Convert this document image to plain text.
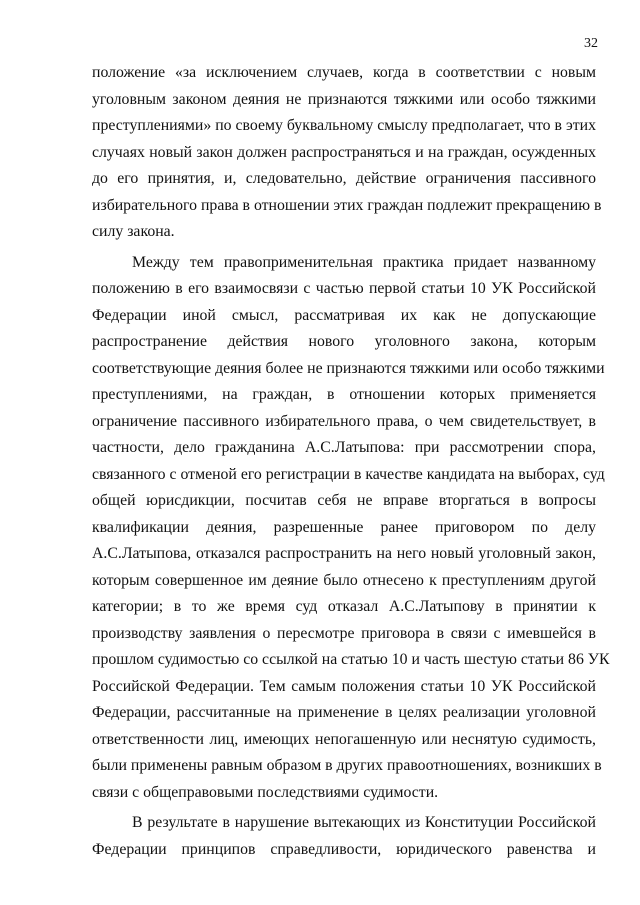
32
положение «за исключением случаев, когда в соответствии с новым
уголовным законом деяния не признаются тяжкими или особо тяжкими
преступлениями» по своему буквальному смыслу предполагает, что в этих
случаях новый закон должен распространяться и на граждан, осужденных
до его принятия, и, следовательно, действие ограничения пассивного
избирательного права в отношении этих граждан подлежит прекращению в
силу закона.
Между тем правоприменительная практика придает названному
положению в его взаимосвязи с частью первой статьи 10 УК Российской
Федерации иной смысл, рассматривая их как не допускающие
распространение действия нового уголовного закона, которым
соответствующие деяния более не признаются тяжкими или особо тяжкими
преступлениями, на граждан, в отношении которых применяется
ограничение пассивного избирательного права, о чем свидетельствует, в
частности, дело гражданина А.С.Латыпова: при рассмотрении спора,
связанного с отменой его регистрации в качестве кандидата на выборах, суд
общей юрисдикции, посчитав себя не вправе вторгаться в вопросы
квалификации деяния, разрешенные ранее приговором по делу
А.С.Латыпова, отказался распространить на него новый уголовный закон,
которым совершенное им деяние было отнесено к преступлениям другой
категории; в то же время суд отказал А.С.Латыпову в принятии к
производству заявления о пересмотре приговора в связи с имевшейся в
прошлом судимостью со ссылкой на статью 10 и часть шестую статьи 86 УК
Российской Федерации. Тем самым положения статьи 10 УК Российской
Федерации, рассчитанные на применение в целях реализации уголовной
ответственности лиц, имеющих непогашенную или неснятую судимость,
были применены равным образом в других правоотношениях, возникших в
связи с общеправовыми последствиями судимости.
В результате в нарушение вытекающих из Конституции Российской
Федерации принципов справедливости, юридического равенства и
